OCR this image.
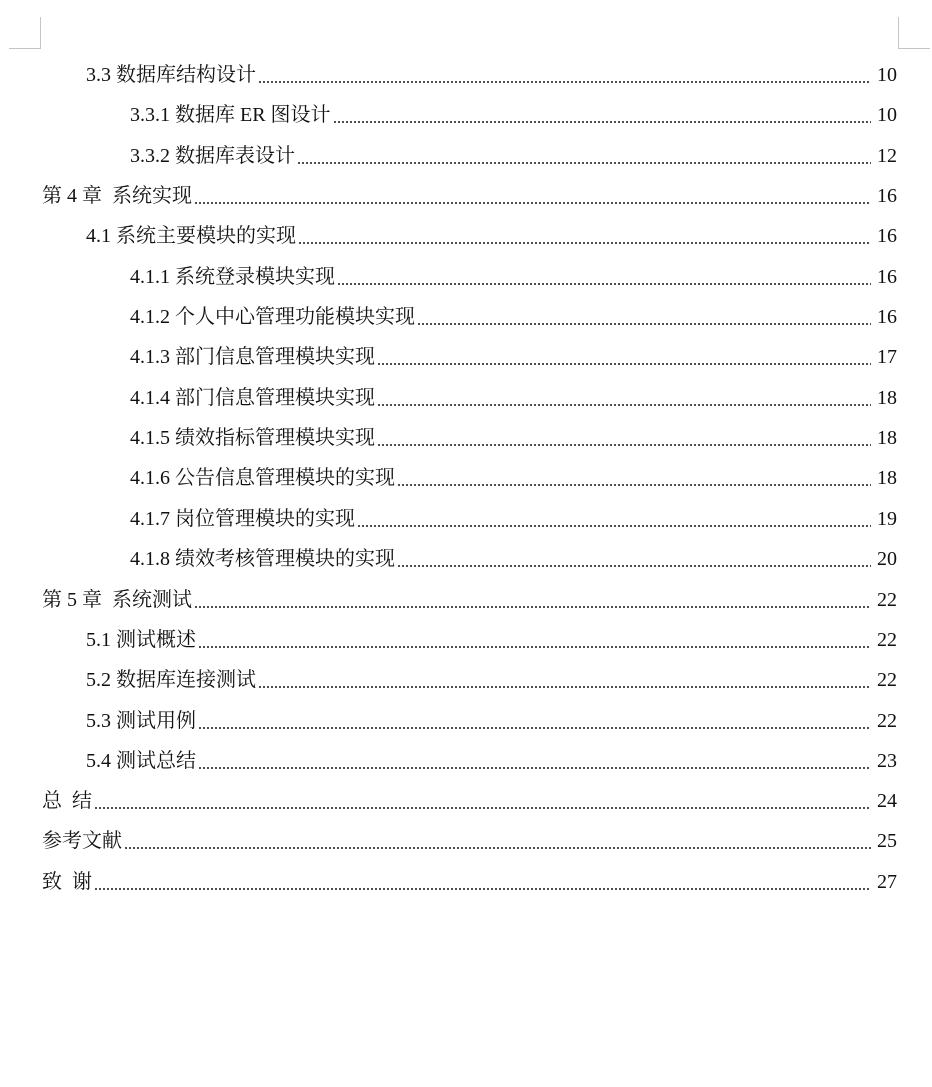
3.3 数据库结构设计	10
3.3.1 数据库 ER 图设计	10
3.3.2 数据库表设计	12
第 4 章  系统实现	16
4.1 系统主要模块的实现	16
4.1.1 系统登录模块实现	16
4.1.2 个人中心管理功能模块实现	16
4.1.3 部门信息管理模块实现	17
4.1.4 部门信息管理模块实现	18
4.1.5 绩效指标管理模块实现	18
4.1.6 公告信息管理模块的实现	18
4.1.7 岗位管理模块的实现	19
4.1.8 绩效考核管理模块的实现	20
第 5 章  系统测试	22
5.1 测试概述	22
5.2 数据库连接测试	22
5.3 测试用例	22
5.4 测试总结	23
总  结	24
参考文献	25
致  谢	27
